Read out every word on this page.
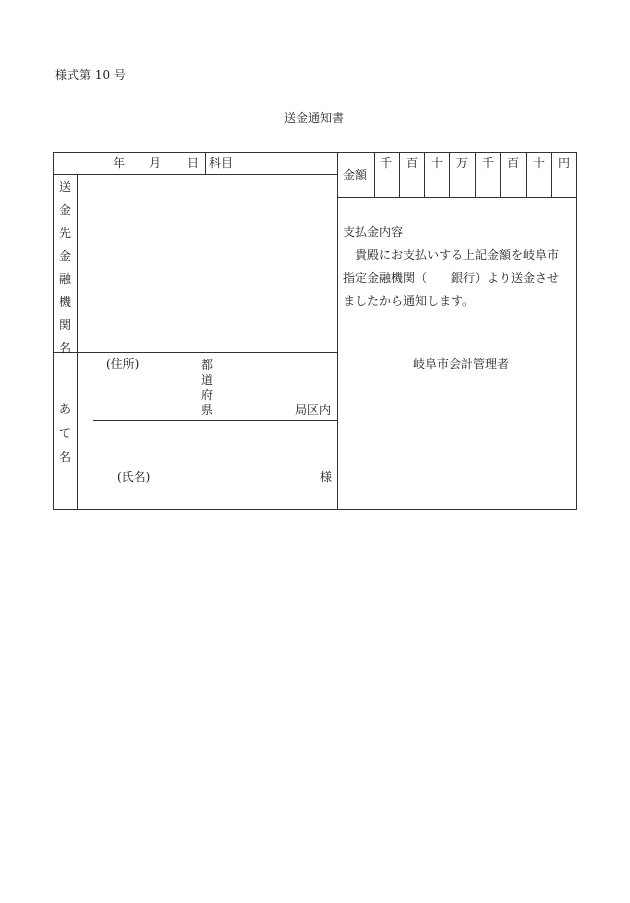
様式第 10 号
送金通知書
年 月 日 科目
金額
千 百 十 万 千 百 十 円
送
金
先
金
融
機
関
名
あ
て
名
(住所)	都
道
府
県	局区内
(氏名)	様
支払金内容
貴殿にお支払いする上記金額を岐阜市
指定金融機関（　　銀行）より送金させ
ましたから通知します。
岐阜市会計管理者
